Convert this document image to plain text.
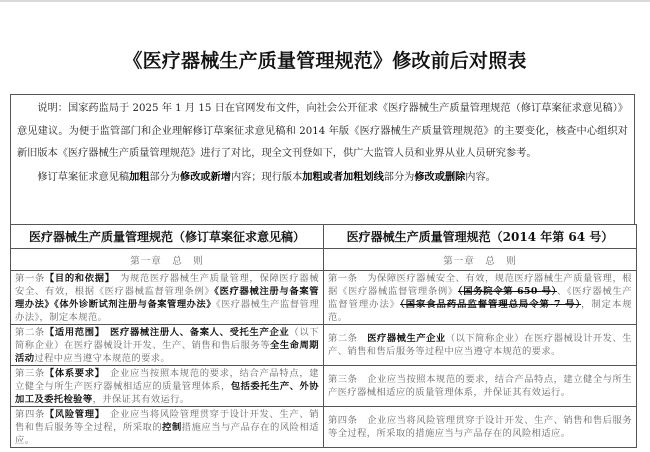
《医疗器械生产质量管理规范》修改前后对照表

说明：国家药监局于 2025 年 1 月 15 日在官网发布文件，向社会公开征求《医疗器械生产质量管理规范（修订草案征求意见稿）》意见建议。为便于监管部门和企业理解修订草案征求意见稿和 2014 年版《医疗器械生产质量管理规范》的主要变化，核查中心组织对新旧版本《医疗器械生产质量管理规范》进行了对比，现全文刊登如下，供广大监管人员和业界从业人员研究参考。

修订草案征求意见稿加粗部分为修改或新增内容；现行版本加粗或者加粗划线部分为修改或删除内容。

医疗器械生产质量管理规范（修订草案征求意见稿）	医疗器械生产质量管理规范（2014 年第 64 号）
第一章　总　则	第一章　总　则
第一条【目的和依据】　为规范医疗器械生产质量管理，保障医疗器械安全、有效，根据《医疗器械监督管理条例》《医疗器械注册与备案管理办法》《体外诊断试剂注册与备案管理办法》《医疗器械生产监督管理办法》，制定本规范。	第一条　为保障医疗器械安全、有效，规范医疗器械生产质量管理，根据《医疗器械监督管理条例》（国务院令第 650 号）、《医疗器械生产监督管理办法》（国家食品药品监督管理总局令第 7 号），制定本规范。
第二条【适用范围】　 医疗器械注册人、备案人、受托生产企业（以下简称企业）在医疗器械设计开发、生产、销售和售后服务等全生命周期活动过程中应当遵守本规范的要求。	第二条　医疗器械生产企业（以下简称企业）在医疗器械设计开发、生产、销售和售后服务等过程中应当遵守本规范的要求。
第三条【体系要求】　企业应当按照本规范的要求，结合产品特点，建立健全与所生产医疗器械相适应的质量管理体系，包括委托生产、外协加工及委托检验等，并保证其有效运行。	第三条　企业应当按照本规范的要求，结合产品特点，建立健全与所生产医疗器械相适应的质量管理体系，并保证其有效运行。
第四条【风险管理】　企业应当将风险管理贯穿于设计开发、生产、销售和售后服务等全过程，所采取的控制措施应当与产品存在的风险相适应。	第四条　企业应当将风险管理贯穿于设计开发、生产、销售和售后服务等全过程，所采取的措施应当与产品存在的风险相适应。
